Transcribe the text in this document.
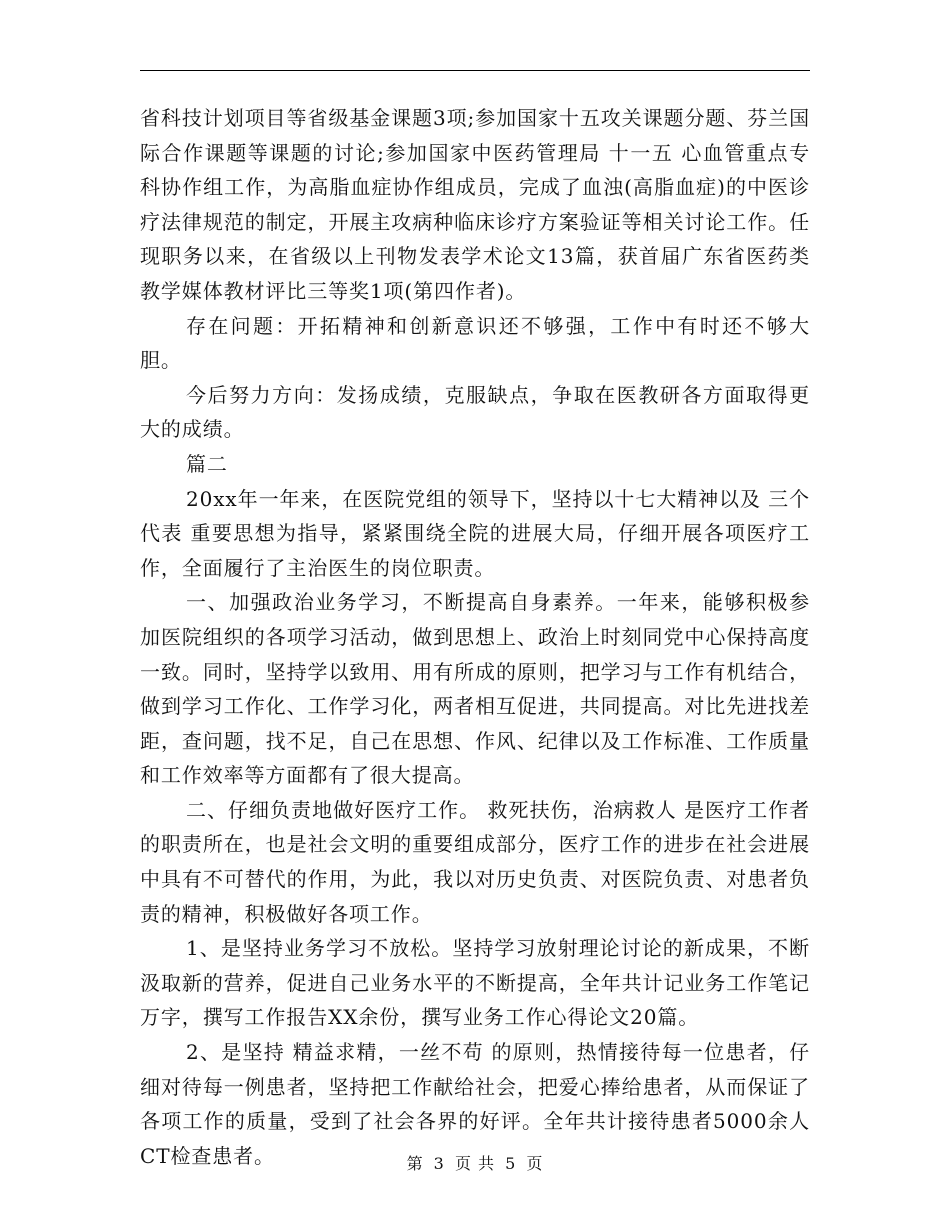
省科技计划项目等省级基金课题3项;参加国家十五攻关课题分题、芬兰国际合作课题等课题的讨论;参加国家中医药管理局 十一五 心血管重点专科协作组工作，为高脂血症协作组成员，完成了血浊(高脂血症)的中医诊疗法律规范的制定，开展主攻病种临床诊疗方案验证等相关讨论工作。任现职务以来，在省级以上刊物发表学术论文13篇，获首届广东省医药类教学媒体教材评比三等奖1项(第四作者)。

存在问题：开拓精神和创新意识还不够强，工作中有时还不够大胆。

今后努力方向：发扬成绩，克服缺点，争取在医教研各方面取得更大的成绩。

篇二

20xx年一年来，在医院党组的领导下，坚持以十七大精神以及 三个代表 重要思想为指导，紧紧围绕全院的进展大局，仔细开展各项医疗工作，全面履行了主治医生的岗位职责。

一、加强政治业务学习，不断提高自身素养。一年来，能够积极参加医院组织的各项学习活动，做到思想上、政治上时刻同党中心保持高度一致。同时，坚持学以致用、用有所成的原则，把学习与工作有机结合，做到学习工作化、工作学习化，两者相互促进，共同提高。对比先进找差距，查问题，找不足，自己在思想、作风、纪律以及工作标准、工作质量和工作效率等方面都有了很大提高。

二、仔细负责地做好医疗工作。 救死扶伤，治病救人 是医疗工作者的职责所在，也是社会文明的重要组成部分，医疗工作的进步在社会进展中具有不可替代的作用，为此，我以对历史负责、对医院负责、对患者负责的精神，积极做好各项工作。

1、是坚持业务学习不放松。坚持学习放射理论讨论的新成果，不断汲取新的营养，促进自己业务水平的不断提高，全年共计记业务工作笔记万字，撰写工作报告XX余份，撰写业务工作心得论文20篇。

2、是坚持 精益求精，一丝不苟 的原则，热情接待每一位患者，仔细对待每一例患者，坚持把工作献给社会，把爱心捧给患者，从而保证了各项工作的质量，受到了社会各界的好评。全年共计接待患者5000余人CT检查患者。	第 3 页 共 5 页
